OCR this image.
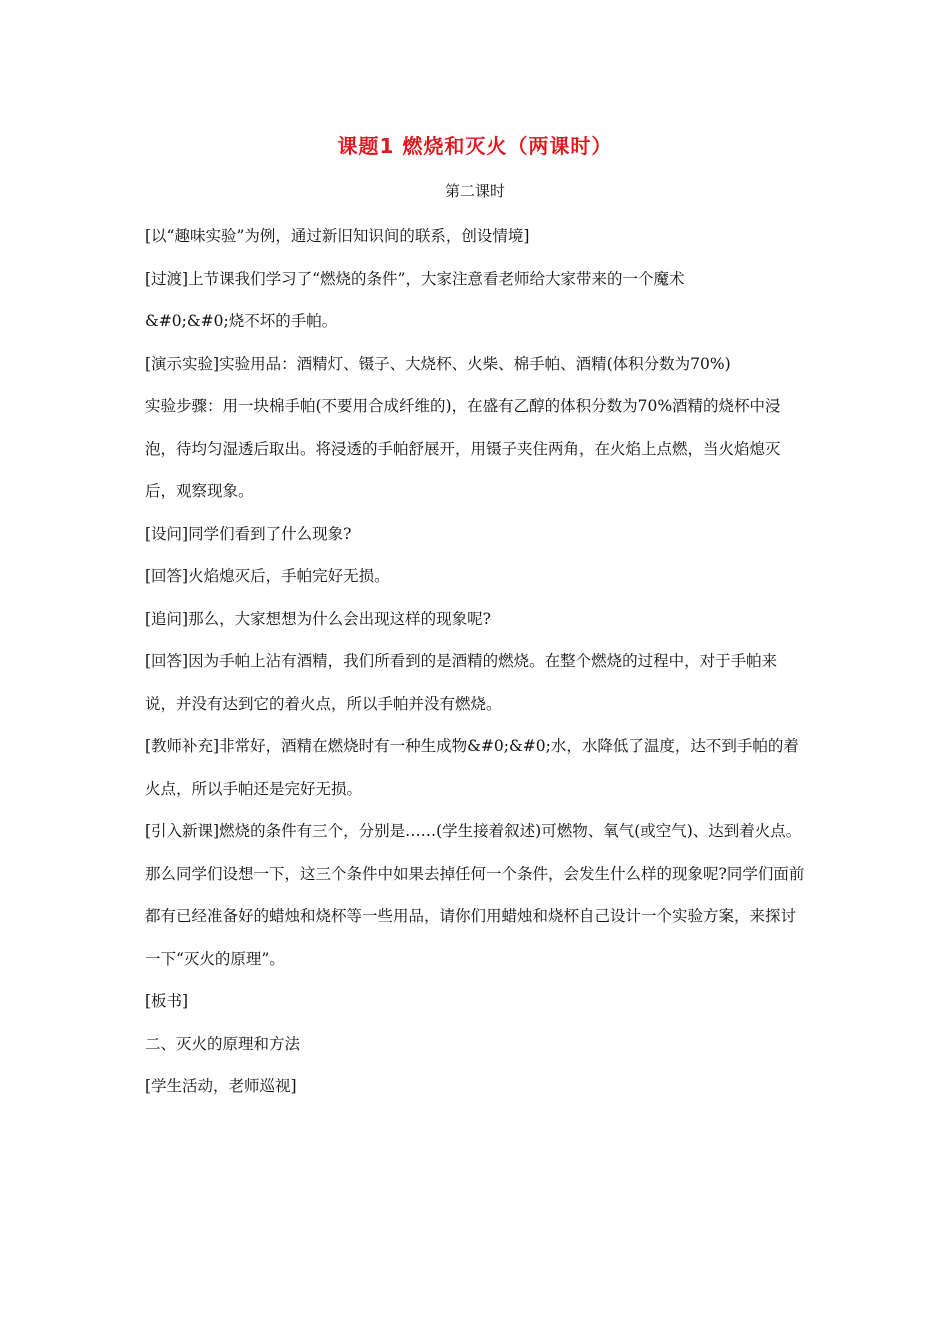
课题1 燃烧和灭火（两课时）
第二课时

[以“趣味实验”为例，通过新旧知识间的联系，创设情境]

[过渡]上节课我们学习了“燃烧的条件”，大家注意看老师给大家带来的一个魔术

&#0;&#0;烧不坏的手帕。

[演示实验]实验用品：酒精灯、镊子、大烧杯、火柴、棉手帕、酒精(体积分数为70%)

实验步骤：用一块棉手帕(不要用合成纤维的)，在盛有乙醇的体积分数为70%酒精的烧杯中浸泡，待均匀湿透后取出。将浸透的手帕舒展开，用镊子夹住两角，在火焰上点燃，当火焰熄灭后，观察现象。

[设问]同学们看到了什么现象?

[回答]火焰熄灭后，手帕完好无损。

[追问]那么，大家想想为什么会出现这样的现象呢?

[回答]因为手帕上沾有酒精，我们所看到的是酒精的燃烧。在整个燃烧的过程中，对于手帕来说，并没有达到它的着火点，所以手帕并没有燃烧。

[教师补充]非常好，酒精在燃烧时有一种生成物&#0;&#0;水，水降低了温度，达不到手帕的着火点，所以手帕还是完好无损。

[引入新课]燃烧的条件有三个，分别是……(学生接着叙述)可燃物、氧气(或空气)、达到着火点。

那么同学们设想一下，这三个条件中如果去掉任何一个条件，会发生什么样的现象呢?同学们面前都有已经准备好的蜡烛和烧杯等一些用品，请你们用蜡烛和烧杯自己设计一个实验方案，来探讨一下“灭火的原理”。

[板书]

二、灭火的原理和方法

[学生活动，老师巡视]
